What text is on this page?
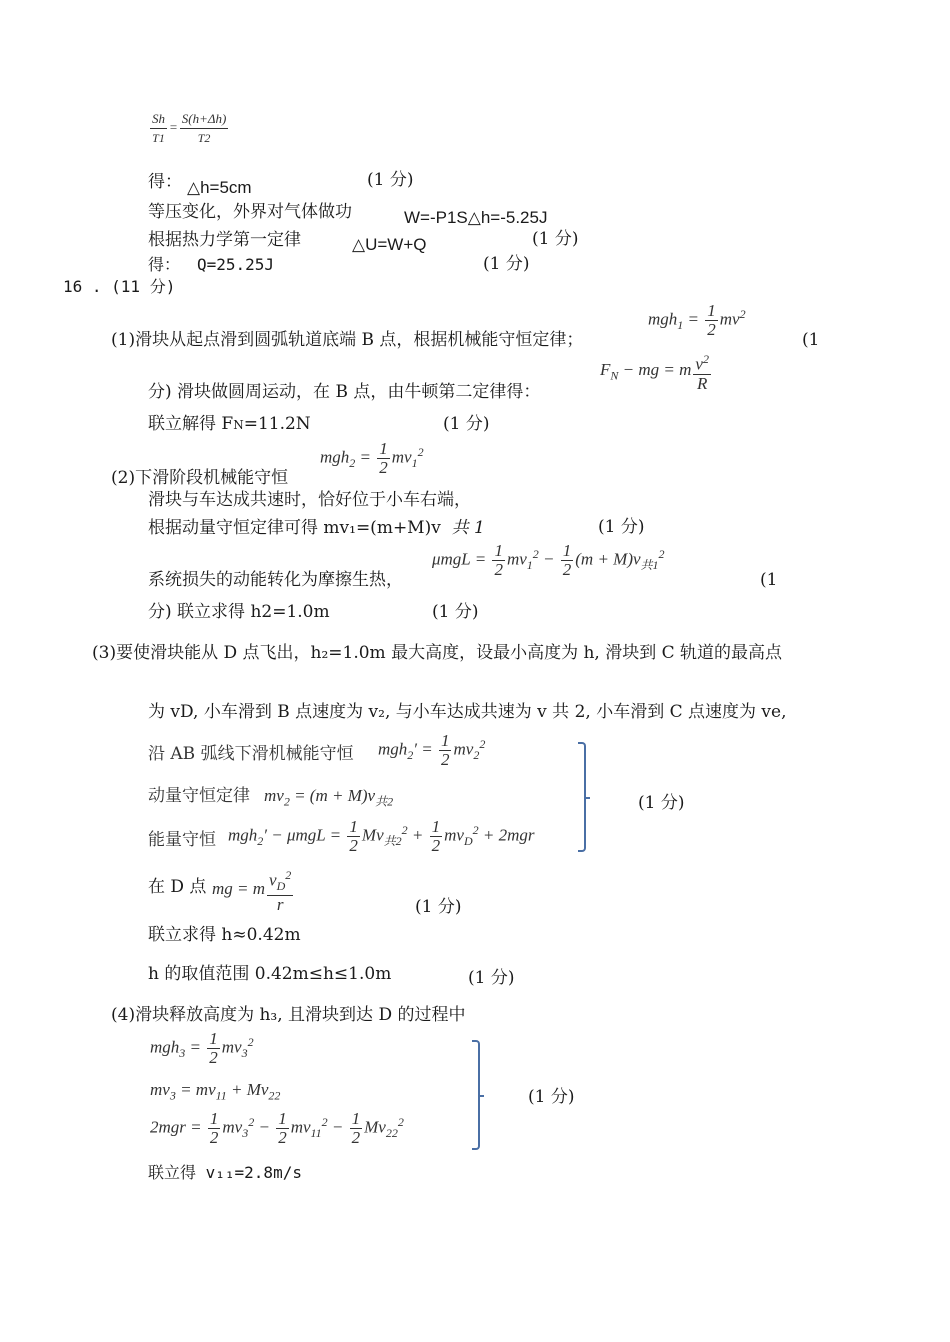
$\frac{Sh}{T1} = \frac{S(h+\Delta h)}{T2}$
得： △h=5cm	(1 分)
等压变化，外界对气体做功	W=-P1S△h=-5.25J
根据热力学第一定律	△U=W+Q	(1 分)
得： Q=25.25J	(1 分)
16 . (11 分)
(1)滑块从起点滑到圆弧轨道底端 B 点，根据机械能守恒定律；
$mgh_1 = \frac{1}{2} mv^2$
(1
分) 滑块做圆周运动，在 B 点，由牛顿第二定律得：
$F_N$ − mg = m $\frac{v^2}{R}$
联立解得 FN=11.2N	(1 分)
(2)下滑阶段机械能守恒
$mgh_2 = \frac{1}{2} mv_1^2$
滑块与车达成共速时，恰好位于小车右端，
根据动量守恒定律可得 mv₁=(m+M)v 共 1	(1 分)
系统损失的动能转化为摩擦生热，
$\mu mgL = \frac{1}{2} mv_1^2 - \frac{1}{2} (m + M)v_{共1}^2$
(1
分) 联立求得 h2=1.0m	(1 分)
(3)要使滑块能从 D 点飞出，h₂=1.0m 最大高度，设最小高度为 h, 滑块到 C 轨道的最高点
为 vD, 小车滑到 B 点速度为 v₂, 与小车达成共速为 v 共 2, 小车滑到 C 点速度为 ve,
沿 AB 弧线下滑机械能守恒 $mgh_2' = \frac{1}{2} mv_2^2$
动量守恒定律 $mv_2 = (m + M)v_{共2}$
能量守恒 $mgh_2' - \mu mgL = \frac{1}{2} Mv_{共2}^2 + \frac{1}{2} mv_D^2 + 2mgr$
(1 分)
在 D 点 mg = m $\frac{v_D^2}{r}$	(1 分)
联立求得 h≈0.42m
h 的取值范围 0.42m≤h≤1.0m	(1 分)
(4)滑块释放高度为 h₃, 且滑块到达 D 的过程中
$mgh_3 = \frac{1}{2} mv_3^2$
$mv_3 = mv_{11} + Mv_{22}$
$2mgr = \frac{1}{2} mv_3^2 - \frac{1}{2} mv_{11}^2 - \frac{1}{2} Mv_{22}^2$
(1 分)
联立得 v₁₁=2.8m/s
